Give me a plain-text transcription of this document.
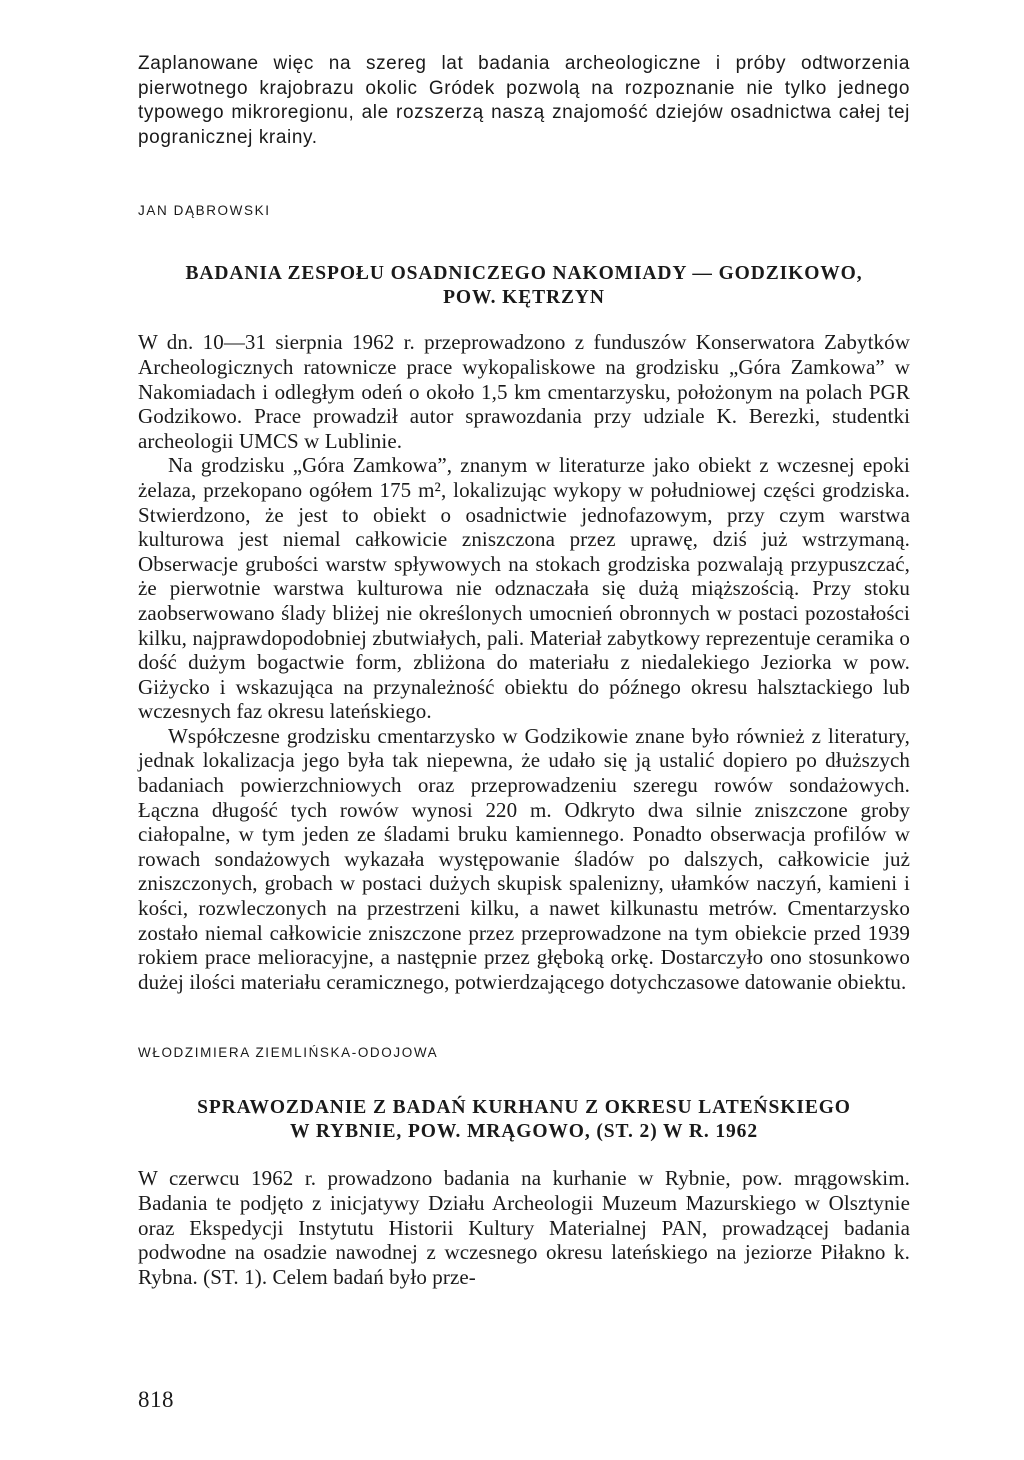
Zaplanowane więc na szereg lat badania archeologiczne i próby odtworzenia pierwotnego krajobrazu okolic Gródek pozwolą na rozpoznanie nie tylko jednego typowego mikroregionu, ale rozszerzą naszą znajomość dziejów osadnictwa całej tej pogranicznej krainy.

JAN DĄBROWSKI

BADANIA ZESPOŁU OSADNICZEGO NAKOMIADY — GODZIKOWO,
POW. KĘTRZYN

W dn. 10—31 sierpnia 1962 r. przeprowadzono z funduszów Konserwatora Zabytków Archeologicznych ratownicze prace wykopaliskowe na grodzisku „Góra Zamkowa” w Nakomiadach i odległym odeń o około 1,5 km cmentarzysku, położonym na polach PGR Godzikowo. Prace prowadził autor sprawozdania przy udziale K. Berezki, studentki archeologii UMCS w Lublinie.

Na grodzisku „Góra Zamkowa”, znanym w literaturze jako obiekt z wczesnej epoki żelaza, przekopano ogółem 175 m², lokalizując wykopy w południowej części grodziska. Stwierdzono, że jest to obiekt o osadnictwie jednofazowym, przy czym warstwa kulturowa jest niemal całkowicie zniszczona przez uprawę, dziś już wstrzymaną. Obserwacje grubości warstw spływowych na stokach grodziska pozwalają przypuszczać, że pierwotnie warstwa kulturowa nie odznaczała się dużą miąższością. Przy stoku zaobserwowano ślady bliżej nie określonych umocnień obronnych w postaci pozostałości kilku, najprawdopodobniej zbutwiałych, pali. Materiał zabytkowy reprezentuje ceramika o dość dużym bogactwie form, zbliżona do materiału z niedalekiego Jeziorka w pow. Giżycko i wskazująca na przynależność obiektu do późnego okresu halsztackiego lub wczesnych faz okresu lateńskiego.

Współczesne grodzisku cmentarzysko w Godzikowie znane było również z literatury, jednak lokalizacja jego była tak niepewna, że udało się ją ustalić dopiero po dłuższych badaniach powierzchniowych oraz przeprowadzeniu szeregu rowów sondażowych. Łączna długość tych rowów wynosi 220 m. Odkryto dwa silnie zniszczone groby ciałopalne, w tym jeden ze śladami bruku kamiennego. Ponadto obserwacja profilów w rowach sondażowych wykazała występowanie śladów po dalszych, całkowicie już zniszczonych, grobach w postaci dużych skupisk spalenizny, ułamków naczyń, kamieni i kości, rozwleczonych na przestrzeni kilku, a nawet kilkunastu metrów. Cmentarzysko zostało niemal całkowicie zniszczone przez przeprowadzone na tym obiekcie przed 1939 rokiem prace melioracyjne, a następnie przez głęboką orkę. Dostarczyło ono stosunkowo dużej ilości materiału ceramicznego, potwierdzającego dotychczasowe datowanie obiektu.

WŁODZIMIERA ZIEMLIŃSKA-ODOJOWA

SPRAWOZDANIE Z BADAŃ KURHANU Z OKRESU LATEŃSKIEGO
W RYBNIE, POW. MRĄGOWO, (ST. 2) W R. 1962

W czerwcu 1962 r. prowadzono badania na kurhanie w Rybnie, pow. mrągowskim. Badania te podjęto z inicjatywy Działu Archeologii Muzeum Mazurskiego w Olsztynie oraz Ekspedycji Instytutu Historii Kultury Materialnej PAN, prowadzącej badania podwodne na osadzie nawodnej z wczesnego okresu lateńskiego na jeziorze Piłakno k. Rybna. (ST. 1). Celem badań było prze-

818
